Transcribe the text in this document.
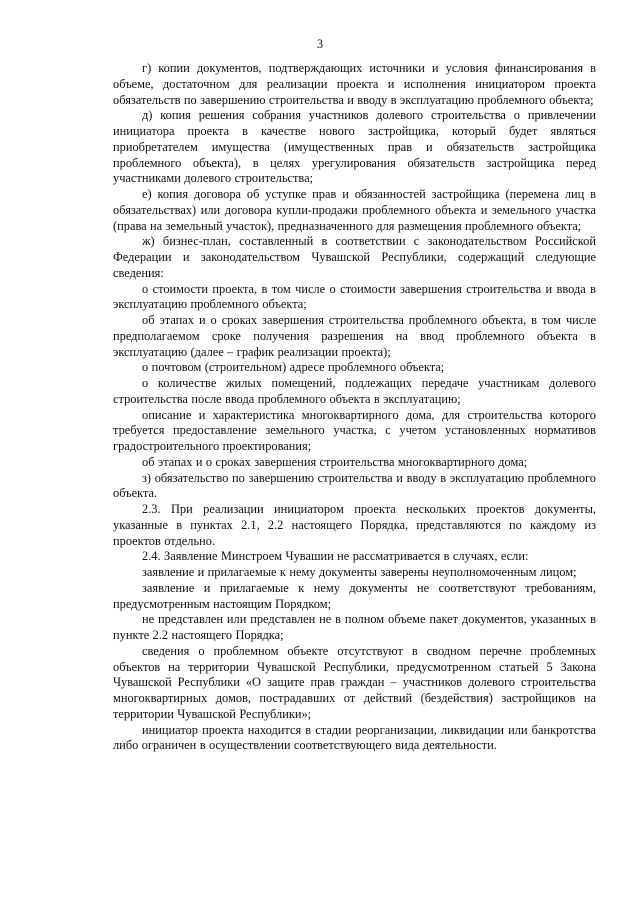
3

г) копии документов, подтверждающих источники и условия финансирования в объеме, достаточном для реализации проекта и исполнения инициатором проекта обязательств по завершению строительства и вводу в эксплуатацию проблемного объекта;

д) копия решения собрания участников долевого строительства о привлечении инициатора проекта в качестве нового застройщика, который будет являться приобретателем имущества (имущественных прав и обязательств застройщика проблемного объекта), в целях урегулирования обязательств застройщика перед участниками долевого строительства;

е) копия договора об уступке прав и обязанностей застройщика (перемена лиц в обязательствах) или договора купли-продажи проблемного объекта и земельного участка (права на земельный участок), предназначенного для размещения проблемного объекта;

ж) бизнес-план, составленный в соответствии с законодательством Российской Федерации и законодательством Чувашской Республики, содержащий следующие сведения:

о стоимости проекта, в том числе о стоимости завершения строительства и ввода в эксплуатацию проблемного объекта;

об этапах и о сроках завершения строительства проблемного объекта, в том числе предполагаемом сроке получения разрешения на ввод проблемного объекта в эксплуатацию (далее – график реализации проекта);

о почтовом (строительном) адресе проблемного объекта;

о количестве жилых помещений, подлежащих передаче участникам долевого строительства после ввода проблемного объекта в эксплуатацию;

описание и характеристика многоквартирного дома, для строительства которого требуется предоставление земельного участка, с учетом установленных нормативов градостроительного проектирования;

об этапах и о сроках завершения строительства многоквартирного дома;

з) обязательство по завершению строительства и вводу в эксплуатацию проблемного объекта.

2.3. При реализации инициатором проекта нескольких проектов документы, указанные в пунктах 2.1, 2.2 настоящего Порядка, представляются по каждому из проектов отдельно.

2.4. Заявление Минстроем Чувашии не рассматривается в случаях, если:

заявление и прилагаемые к нему документы заверены неуполномоченным лицом;

заявление и прилагаемые к нему документы не соответствуют требованиям, предусмотренным настоящим Порядком;

не представлен или представлен не в полном объеме пакет документов, указанных в пункте 2.2 настоящего Порядка;

сведения о проблемном объекте отсутствуют в сводном перечне проблемных объектов на территории Чувашской Республики, предусмотренном статьей 5 Закона Чувашской Республики «О защите прав граждан – участников долевого строительства многоквартирных домов, пострадавших от действий (бездействия) застройщиков на территории Чувашской Республики»;

инициатор проекта находится в стадии реорганизации, ликвидации или банкротства либо ограничен в осуществлении соответствующего вида деятельности.
